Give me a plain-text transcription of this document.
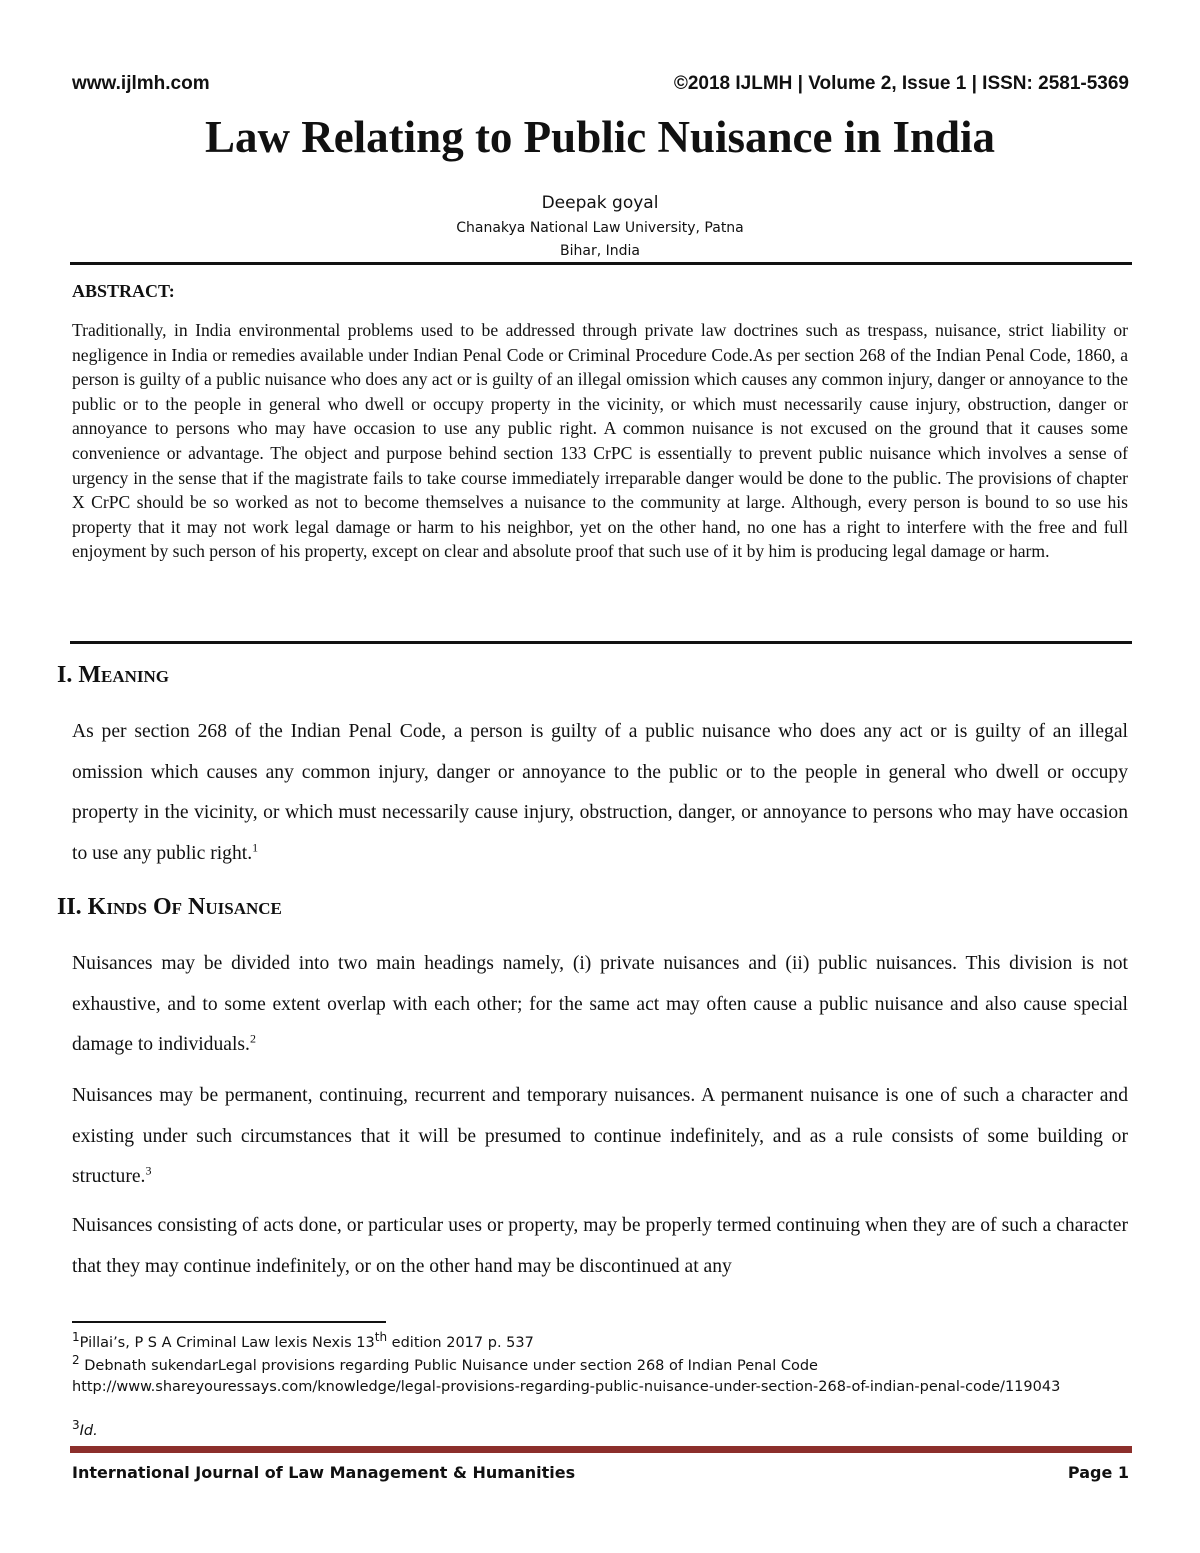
www.ijlmh.com	©2018 IJLMH | Volume 2, Issue 1 | ISSN: 2581-5369
Law Relating to Public Nuisance in India
Deepak goyal
Chanakya National Law University, Patna
Bihar, India
ABSTRACT:
Traditionally, in India environmental problems used to be addressed through private law doctrines such as trespass, nuisance, strict liability or negligence in India or remedies available under Indian Penal Code or Criminal Procedure Code.As per section 268 of the Indian Penal Code, 1860, a person is guilty of a public nuisance who does any act or is guilty of an illegal omission which causes any common injury, danger or annoyance to the public or to the people in general who dwell or occupy property in the vicinity, or which must necessarily cause injury, obstruction, danger or annoyance to persons who may have occasion to use any public right. A common nuisance is not excused on the ground that it causes some convenience or advantage. The object and purpose behind section 133 CrPC is essentially to prevent public nuisance which involves a sense of urgency in the sense that if the magistrate fails to take course immediately irreparable danger would be done to the public. The provisions of chapter X CrPC should be so worked as not to become themselves a nuisance to the community at large. Although, every person is bound to so use his property that it may not work legal damage or harm to his neighbor, yet on the other hand, no one has a right to interfere with the free and full enjoyment by such person of his property, except on clear and absolute proof that such use of it by him is producing legal damage or harm.
I. Meaning
As per section 268 of the Indian Penal Code, a person is guilty of a public nuisance who does any act or is guilty of an illegal omission which causes any common injury, danger or annoyance to the public or to the people in general who dwell or occupy property in the vicinity, or which must necessarily cause injury, obstruction, danger, or annoyance to persons who may have occasion to use any public right.$^1$
II. Kinds Of Nuisance
Nuisances may be divided into two main headings namely, (i) private nuisances and (ii) public nuisances. This division is not exhaustive, and to some extent overlap with each other; for the same act may often cause a public nuisance and also cause special damage to individuals.$^2$
Nuisances may be permanent, continuing, recurrent and temporary nuisances. A permanent nuisance is one of such a character and existing under such circumstances that it will be presumed to continue indefinitely, and as a rule consists of some building or structure.$^3$
Nuisances consisting of acts done, or particular uses or property, may be properly termed continuing when they are of such a character that they may continue indefinitely, or on the other hand may be discontinued at any
$^1$Pillai’s, P S A Criminal Law lexis Nexis 13th edition 2017 p. 537
$^2$ Debnath sukendarLegal provisions regarding Public Nuisance under section 268 of Indian Penal Code
http://www.shareyouressays.com/knowledge/legal-provisions-regarding-public-nuisance-under-section-268-of-indian-penal-code/119043
$^3$Id.
International Journal of Law Management & Humanities	Page 1
